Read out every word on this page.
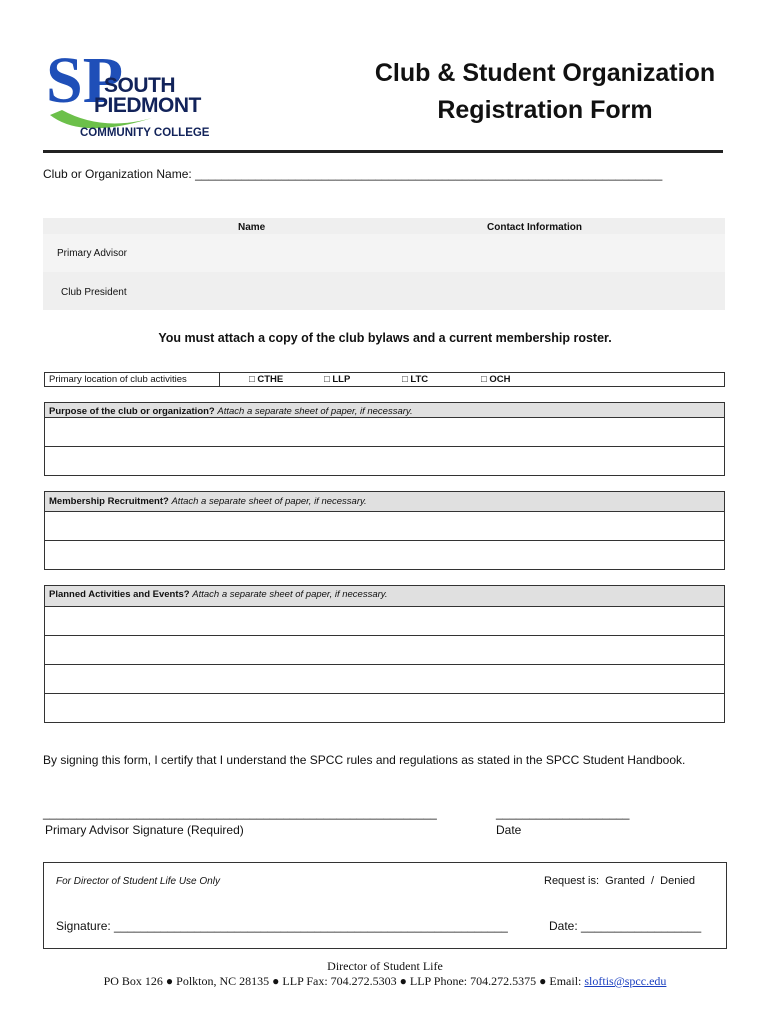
SP
SOUTH
PIEDMONT
COMMUNITY COLLEGE
Club & Student Organization
Registration Form
Club or Organization Name: ______________________________________________________________________
Name	Contact Information
Primary Advisor
Club President
You must attach a copy of the club bylaws and a current membership roster.
Primary location of club activities	□ CTHE	□ LLP	□ LTC	□ OCH
Purpose of the club or organization? Attach a separate sheet of paper, if necessary.
Membership Recruitment? Attach a separate sheet of paper, if necessary.
Planned Activities and Events? Attach a separate sheet of paper, if necessary.
By signing this form, I certify that I understand the SPCC rules and regulations as stated in the SPCC Student Handbook.
___________________________________________________________
Primary Advisor Signature (Required)
____________________
Date
For Director of Student Life Use Only	Request is:  Granted  /  Denied
Signature: ___________________________________________________________	Date: __________________
Director of Student Life
PO Box 126 ● Polkton, NC 28135 ● LLP Fax: 704.272.5303 ● LLP Phone: 704.272.5375 ● Email: sloftis@spcc.edu
